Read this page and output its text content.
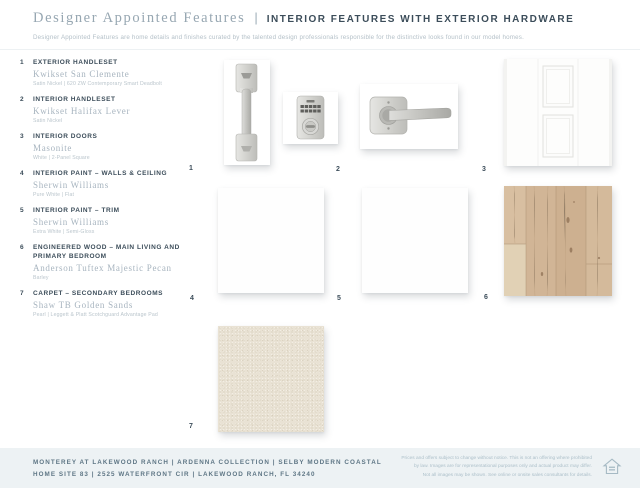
Designer Appointed Features | INTERIOR FEATURES WITH EXTERIOR HARDWARE
Designer Appointed Features are home details and finishes curated by the talented design professionals responsible for the distinctive looks found in our model homes.
1	EXTERIOR HANDLESET
Kwikset San Clemente
Satin Nickel | 620 ZW Contemporary Smart Deadbolt
2	INTERIOR HANDLESET
Kwikset Halifax Lever
Satin Nickel
3	INTERIOR DOORS
Masonite
White | 2-Panel Square
4	INTERIOR PAINT – WALLS & CEILING
Sherwin Williams
Pure White | Flat
5	INTERIOR PAINT – TRIM
Sherwin Williams
Extra White | Semi-Gloss
6	ENGINEERED WOOD – MAIN LIVING AND PRIMARY BEDROOM
Anderson Tuftex Majestic Pecan
Barley
7	CARPET – SECONDARY BEDROOMS
Shaw TB Golden Sands
Pearl | Leggett & Platt Scotchguard Advantage Pad
1	2	3
4	5	6
7
MONTEREY AT LAKEWOOD RANCH | ARDENNA COLLECTION | SELBY MODERN COASTAL
HOME SITE 83 | 2525 WATERFRONT CIR | LAKEWOOD RANCH, FL 34240
Prices and offers subject to change without notice. This is not an offering where prohibited
by law. Images are for representational purposes only and actual product may differ.
Not all images may be shown. See online or onsite sales consultants for details.
